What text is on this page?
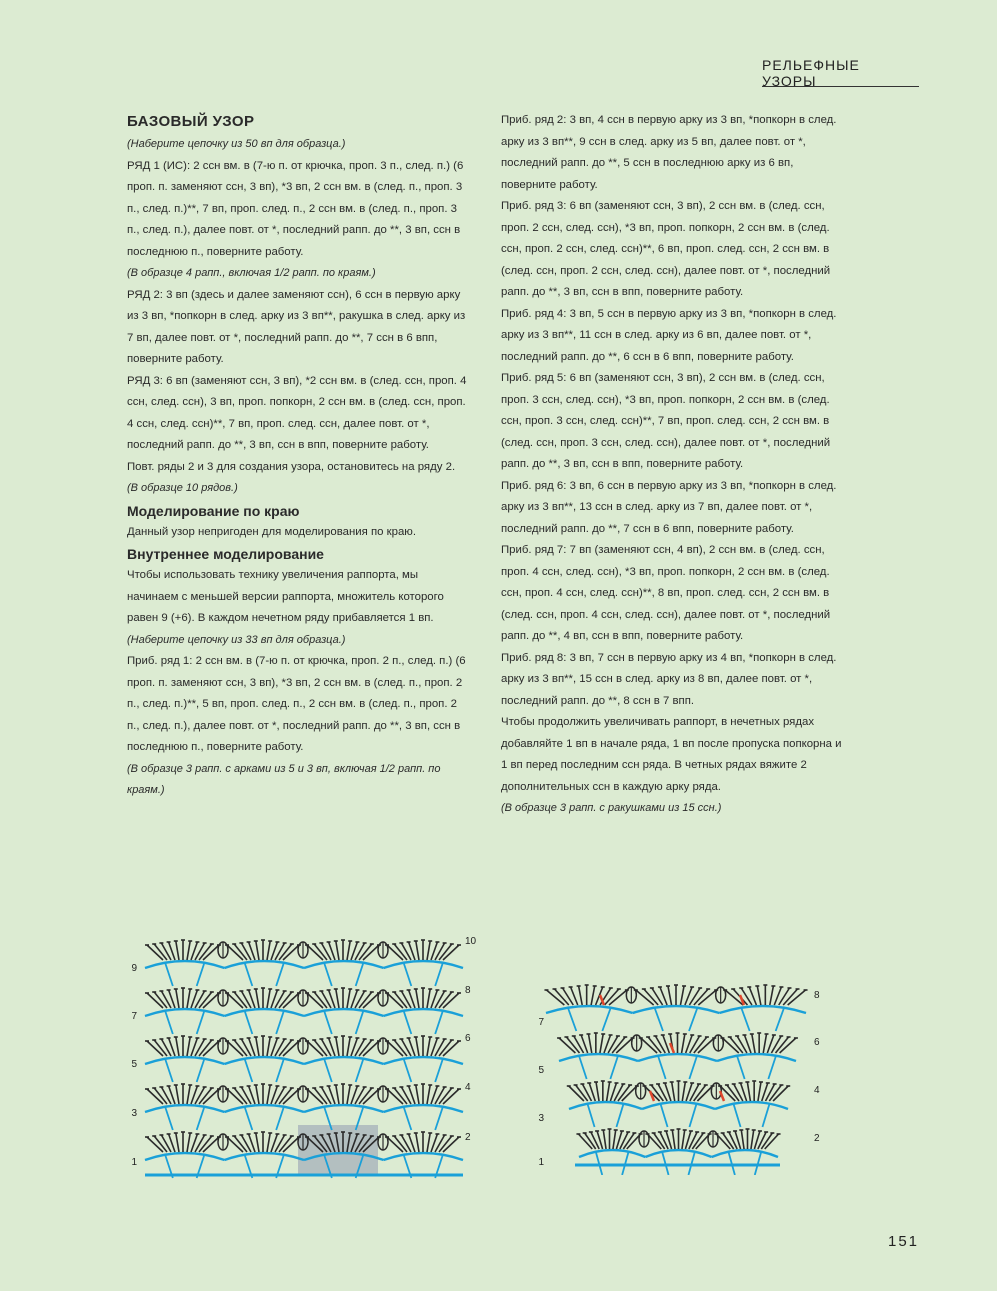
РЕЛЬЕФНЫЕ УЗОРЫ

БАЗОВЫЙ УЗОР

(Наберите цепочку из 50 вп для образца.)

РЯД 1 (ИС): 2 ссн вм. в (7-ю п. от крючка, проп. 3 п., след. п.) (6 проп. п. заменяют ссн, 3 вп), *3 вп, 2 ссн вм. в (след. п., проп. 3 п., след. п.)**, 7 вп, проп. след. п., 2 ссн вм. в (след. п., проп. 3 п., след. п.), далее повт. от *, последний рапп. до **, 3 вп, ссн в последнюю п., поверните работу.

(В образце 4 рапп., включая 1/2 рапп. по краям.)

РЯД 2: 3 вп (здесь и далее заменяют ссн), 6 ссн в первую арку из 3 вп, *попкорн в след. арку из 3 вп**, ракушка в след. арку из 7 вп, далее повт. от *, последний рапп. до **, 7 ссн в 6 впп, поверните работу.

РЯД 3: 6 вп (заменяют ссн, 3 вп), *2 ссн вм. в (след. ссн, проп. 4 ссн, след. ссн), 3 вп, проп. попкорн, 2 ссн вм. в (след. ссн, проп. 4 ссн, след. ссн)**, 7 вп, проп. след. ссн, далее повт. от *, последний рапп. до **, 3 вп, ссн в впп, поверните работу.

Повт. ряды 2 и 3 для создания узора, остановитесь на ряду 2.

(В образце 10 рядов.)

Моделирование по краю

Данный узор непригоден для моделирования по краю.

Внутреннее моделирование

Чтобы использовать технику увеличения раппорта, мы начинаем с меньшей версии раппорта, множитель которого равен 9 (+6). В каждом нечетном ряду прибавляется 1 вп.

(Наберите цепочку из 33 вп для образца.)

Приб. ряд 1: 2 ссн вм. в (7-ю п. от крючка, проп. 2 п., след. п.) (6 проп. п. заменяют ссн, 3 вп), *3 вп, 2 ссн вм. в (след. п., проп. 2 п., след. п.)**, 5 вп, проп. след. п., 2 ссн вм. в (след. п., проп. 2 п., след. п.), далее повт. от *, последний рапп. до **, 3 вп, ссн в последнюю п., поверните работу.

(В образце 3 рапп. с арками из 5 и 3 вп, включая 1/2 рапп. по краям.)

Приб. ряд 2: 3 вп, 4 ссн в первую арку из 3 вп, *попкорн в след. арку из 3 вп**, 9 ссн в след. арку из 5 вп, далее повт. от *, последний рапп. до **, 5 ссн в последнюю арку из 6 вп, поверните работу.

Приб. ряд 3: 6 вп (заменяют ссн, 3 вп), 2 ссн вм. в (след. ссн, проп. 2 ссн, след. ссн), *3 вп, проп. попкорн, 2 ссн вм. в (след. ссн, проп. 2 ссн, след. ссн)**, 6 вп, проп. след. ссн, 2 ссн вм. в (след. ссн, проп. 2 ссн, след. ссн), далее повт. от *, последний рапп. до **, 3 вп, ссн в впп, поверните работу.

Приб. ряд 4: 3 вп, 5 ссн в первую арку из 3 вп, *попкорн в след. арку из 3 вп**, 11 ссн в след. арку из 6 вп, далее повт. от *, последний рапп. до **, 6 ссн в 6 впп, поверните работу.

Приб. ряд 5: 6 вп (заменяют ссн, 3 вп), 2 ссн вм. в (след. ссн, проп. 3 ссн, след. ссн), *3 вп, проп. попкорн, 2 ссн вм. в (след. ссн, проп. 3 ссн, след. ссн)**, 7 вп, проп. след. ссн, 2 ссн вм. в (след. ссн, проп. 3 ссн, след. ссн), далее повт. от *, последний рапп. до **, 3 вп, ссн в впп, поверните работу.

Приб. ряд 6: 3 вп, 6 ссн в первую арку из 3 вп, *попкорн в след. арку из 3 вп**, 13 ссн в след. арку из 7 вп, далее повт. от *, последний рапп. до **, 7 ссн в 6 впп, поверните работу.

Приб. ряд 7: 7 вп (заменяют ссн, 4 вп), 2 ссн вм. в (след. ссн, проп. 4 ссн, след. ссн), *3 вп, проп. попкорн, 2 ссн вм. в (след. ссн, проп. 4 ссн, след. ссн)**, 8 вп, проп. след. ссн, 2 ссн вм. в (след. ссн, проп. 4 ссн, след. ссн), далее повт. от *, последний рапп. до **, 4 вп, ссн в впп, поверните работу.

Приб. ряд 8: 3 вп, 7 ссн в первую арку из 4 вп, *попкорн в след. арку из 3 вп**, 15 ссн в след. арку из 8 вп, далее повт. от *, последний рапп. до **, 8 ссн в 7 впп.

Чтобы продолжить увеличивать раппорт, в нечетных рядах добавляйте 1 вп в начале ряда, 1 вп после пропуска попкорна и 1 вп перед последним ссн ряда. В четных рядах вяжите 2 дополнительных ссн в каждую арку ряда.

(В образце 3 рапп. с ракушками из 15 ссн.)

9
7
5
3
1
10
8
6
4
2
7
5
3
1
8
6
4
2
151
